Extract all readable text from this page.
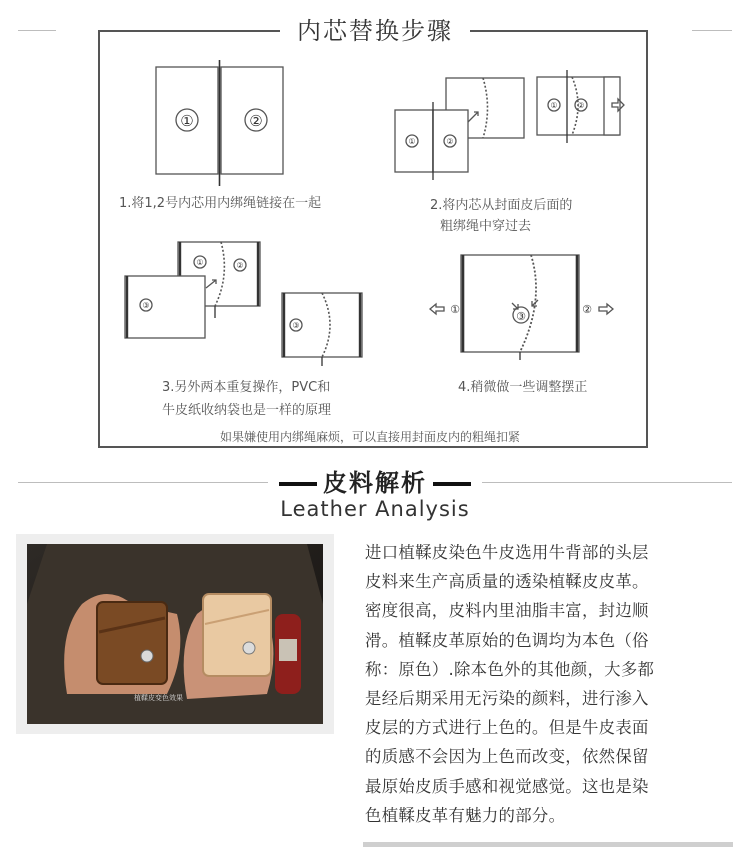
内芯替换步骤
①	②
① ②
①	②
①	②
③
③
①
③
②
1.将1,2号内芯用内绑绳链接在一起	2.将内芯从封面皮后面的
粗绑绳中穿过去
3.另外两本重复操作，PVC和
牛皮纸收纳袋也是一样的原理
4.稍微做一些调整摆正
如果嫌使用内绑绳麻烦，可以直接用封面皮内的粗绳扣紧
皮料解析
Leather Analysis
植鞣皮变色效果

进口植鞣皮染色牛皮选用牛背部的头层

皮料来生产高质量的透染植鞣皮皮革。

密度很高，皮料内里油脂丰富，封边顺

滑。植鞣皮革原始的色调均为本色（俗

称：原色）.除本色外的其他颜，大多都

是经后期采用无污染的颜料，进行渗入

皮层的方式进行上色的。但是牛皮表面

的质感不会因为上色而改变，依然保留

最原始皮质手感和视觉感觉。这也是染

色植鞣皮革有魅力的部分。
